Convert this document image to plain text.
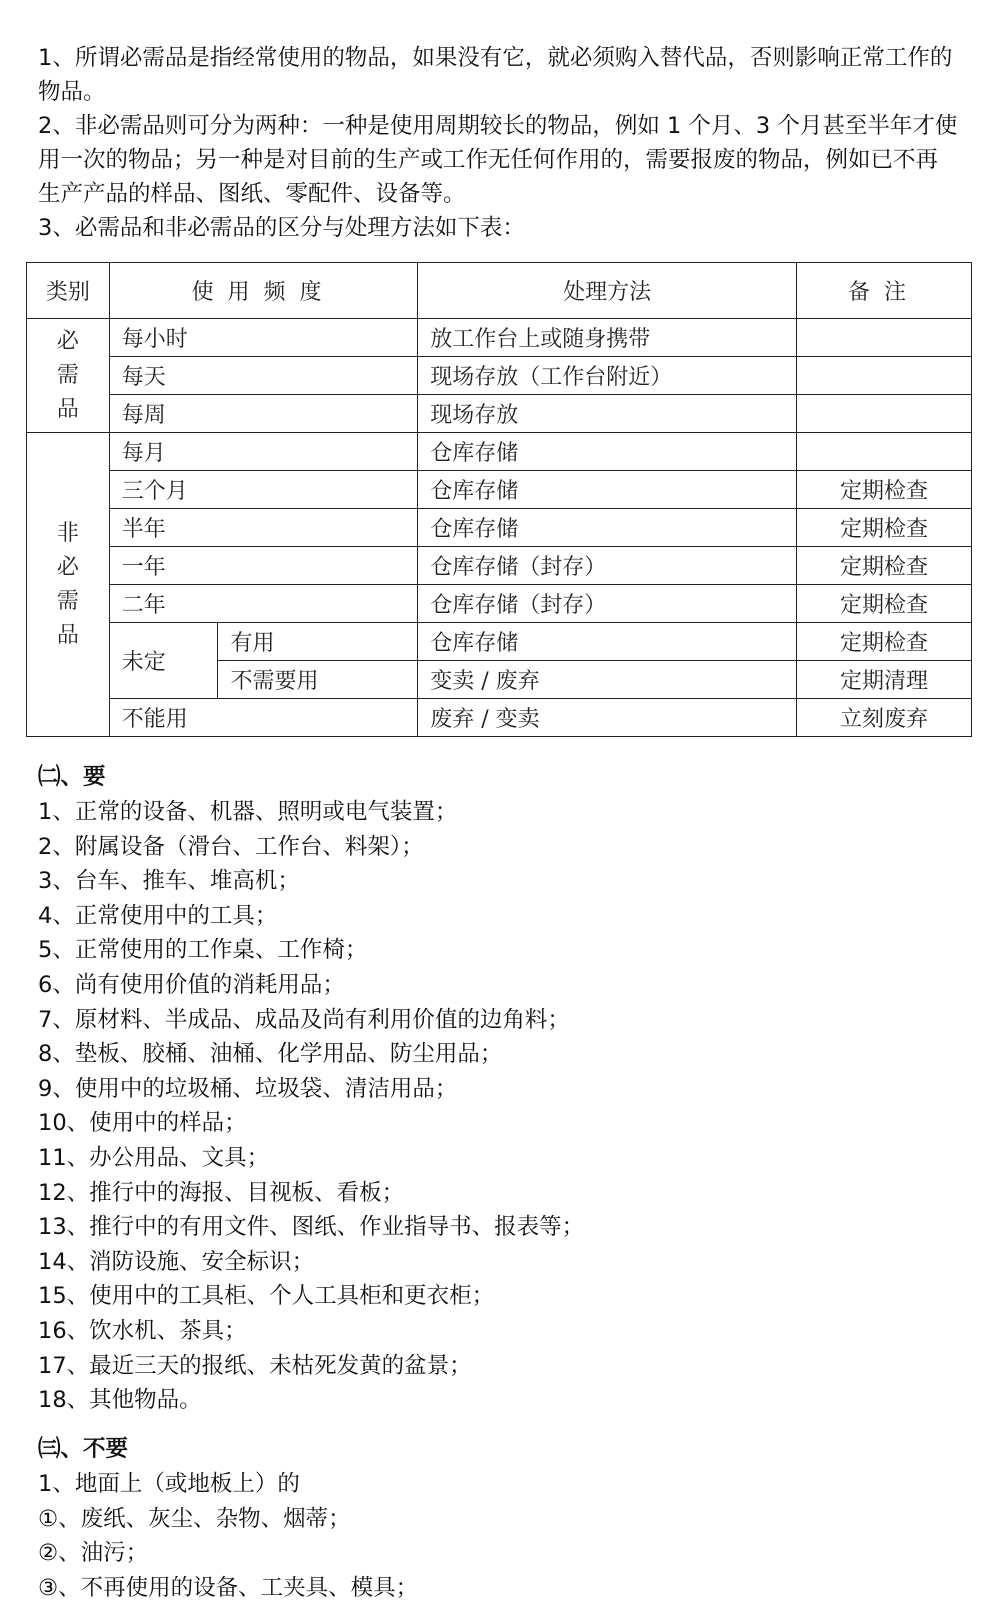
1、所谓必需品是指经常使用的物品，如果没有它，就必须购入替代品，否则影响正常工作的物品。

2、非必需品则可分为两种：一种是使用周期较长的物品，例如 1 个月、3 个月甚至半年才使用一次的物品；另一种是对目前的生产或工作无任何作用的，需要报废的物品，例如已不再生产产品的样品、图纸、零配件、设备等。

3、必需品和非必需品的区分与处理方法如下表：

类别	使用频度		处理方法	备注
必需品	每小时		放工作台上或随身携带	
	每天		现场存放（工作台附近）	
	每周		现场存放	
非必需品	每月		仓库存储	
	三个月		仓库存储	定期检查
	半年		仓库存储	定期检查
	一年		仓库存储（封存）	定期检查
	二年		仓库存储（封存）	定期检查
	未定	有用	仓库存储	定期检查
		不需要用	变卖 / 废弃	定期清理
	不能用		废弃 / 变卖	立刻废弃
㈡、要
1、正常的设备、机器、照明或电气装置；
2、附属设备（滑台、工作台、料架）；
3、台车、推车、堆高机；
4、正常使用中的工具；
5、正常使用的工作桌、工作椅；
6、尚有使用价值的消耗用品；
7、原材料、半成品、成品及尚有利用价值的边角料；
8、垫板、胶桶、油桶、化学用品、防尘用品；
9、使用中的垃圾桶、垃圾袋、清洁用品；
10、使用中的样品；
11、办公用品、文具；
12、推行中的海报、目视板、看板；
13、推行中的有用文件、图纸、作业指导书、报表等；
14、消防设施、安全标识；
15、使用中的工具柜、个人工具柜和更衣柜；
16、饮水机、茶具；
17、最近三天的报纸、未枯死发黄的盆景；
18、其他物品。
㈢、不要
1、地面上（或地板上）的
①、废纸、灰尘、杂物、烟蒂；
②、油污；
③、不再使用的设备、工夹具、模具；
